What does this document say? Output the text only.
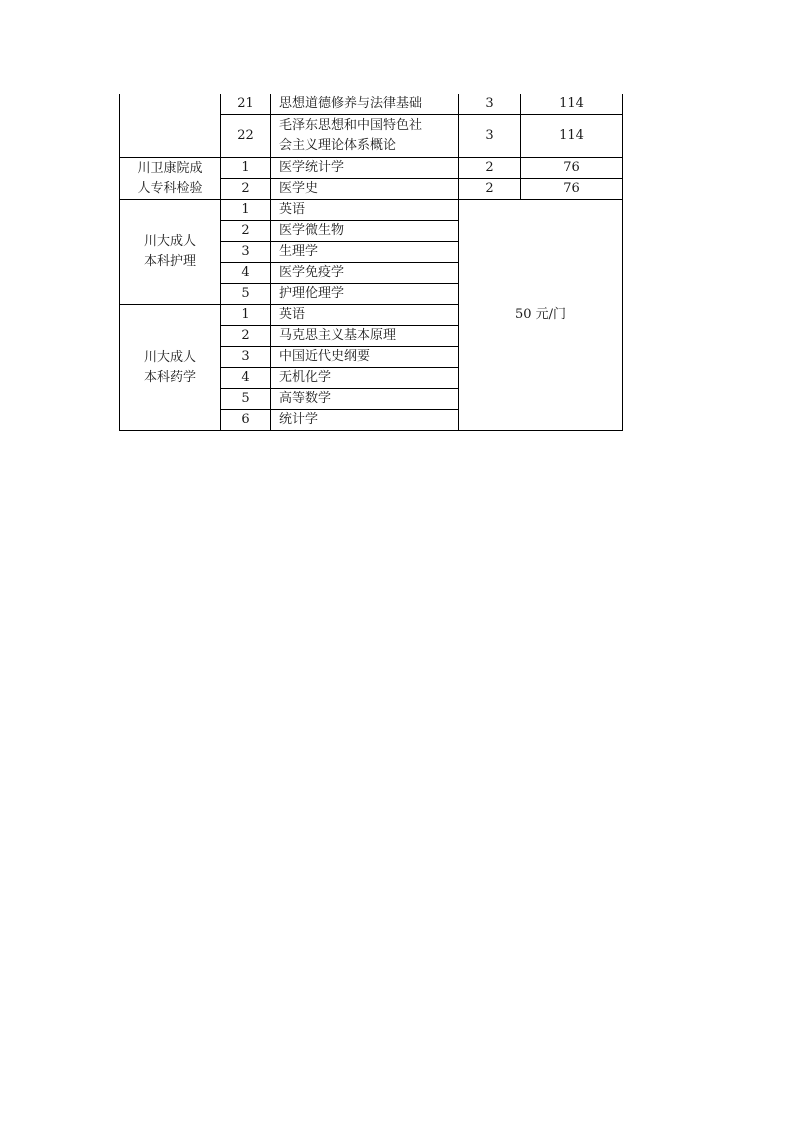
	21	思想道德修养与法律基础	3	114
	22	毛泽东思想和中国特色社
会主义理论体系概论	3	114

川卫康院成
人专科检验	1	医学统计学	2	76
	2	医学史	2	76

川大成人
本科护理	1	英语	50 元/门	
	2	医学微生物		
	3	生理学		
	4	医学免疫学		
	5	护理伦理学		

川大成人
本科药学	1	英语		
	2	马克思主义基本原理		
	3	中国近代史纲要		
	4	无机化学		
	5	高等数学		
	6	统计学		
